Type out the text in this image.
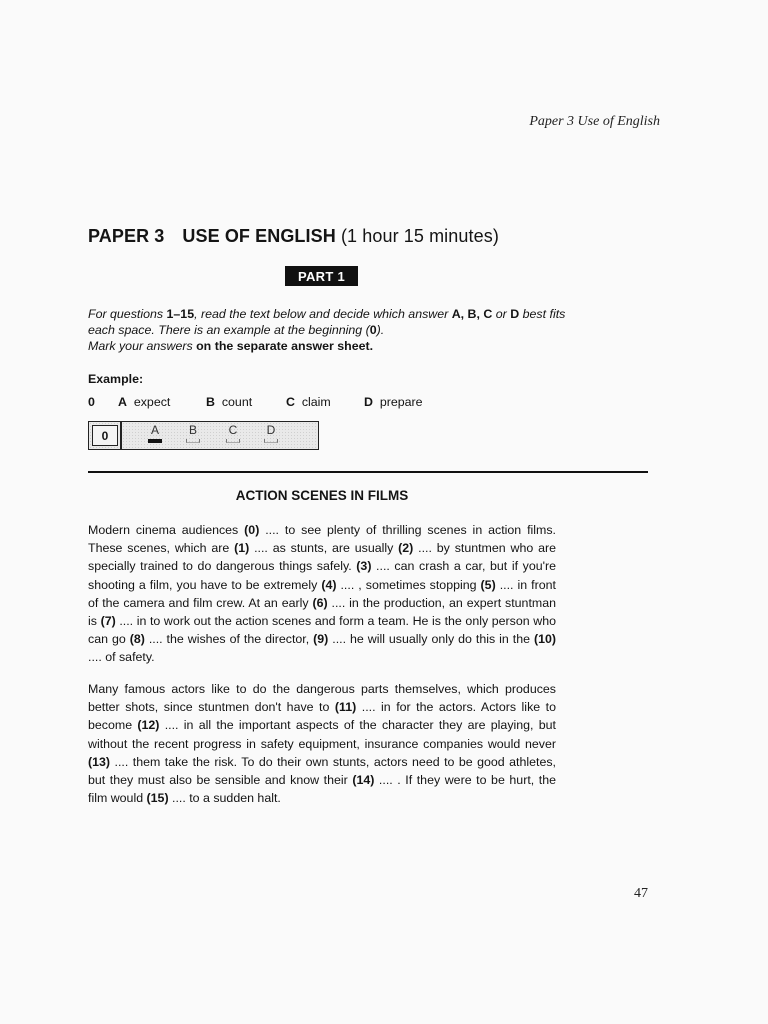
Paper 3 Use of English
PAPER 3 USE OF ENGLISH (1 hour 15 minutes)
PART 1
For questions 1–15, read the text below and decide which answer A, B, C or D best fits each space. There is an example at the beginning (0).
Mark your answers on the separate answer sheet.
Example:
0 A expect	B count	C claim	D prepare
0	A B	C D
ACTION SCENES IN FILMS
Modern cinema audiences (0) .... to see plenty of thrilling scenes in action films. These scenes, which are (1) .... as stunts, are usually (2) .... by stuntmen who are specially trained to do dangerous things safely. (3) .... can crash a car, but if you're shooting a film, you have to be extremely (4) .... , sometimes stopping (5) .... in front of the camera and film crew. At an early (6) .... in the production, an expert stuntman is (7) .... in to work out the action scenes and form a team. He is the only person who can go (8) .... the wishes of the director, (9) .... he will usually only do this in the (10) .... of safety.
Many famous actors like to do the dangerous parts themselves, which produces better shots, since stuntmen don't have to (11) .... in for the actors. Actors like to become (12) .... in all the important aspects of the character they are playing, but without the recent progress in safety equipment, insurance companies would never (13) .... them take the risk. To do their own stunts, actors need to be good athletes, but they must also be sensible and know their (14) .... . If they were to be hurt, the film would (15) .... to a sudden halt.
47
